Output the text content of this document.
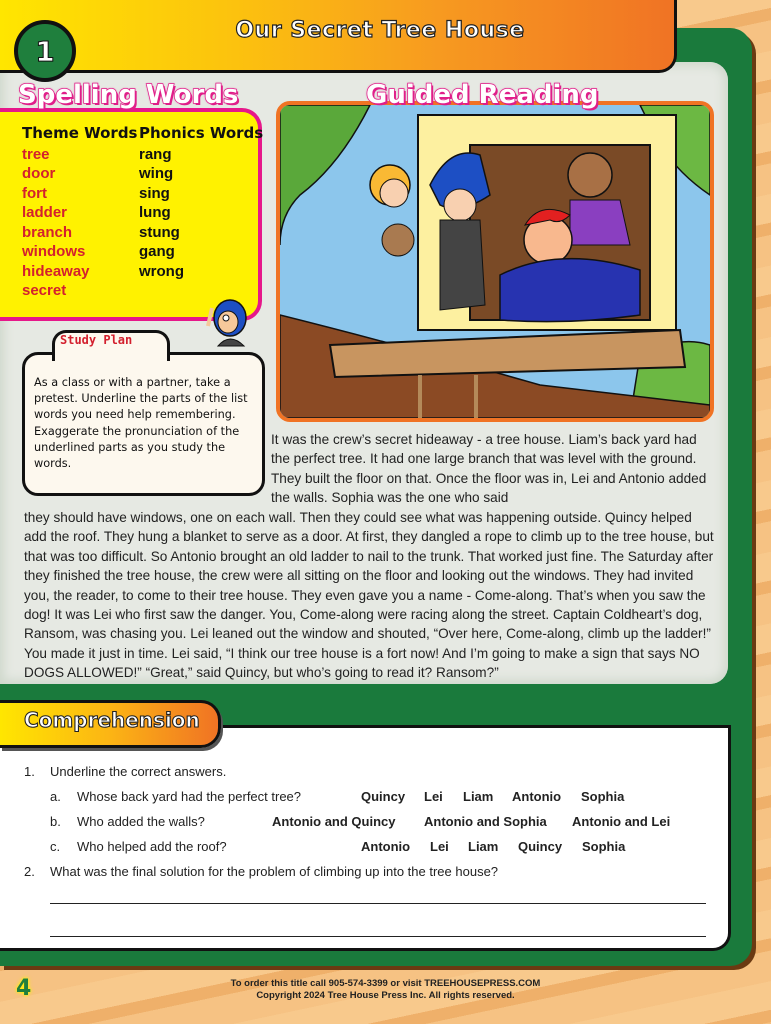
Our Secret Tree House
1
Theme Words
tree
door
fort
ladder
branch
windows
hideaway
secret
Phonics Words
rang
wing
sing
lung
stung
gang
wrong
Spelling Words
Study Plan
As a class or with a partner, take a pretest. Underline the parts of the list words you need help remembering. Exaggerate the pronunciation of the underlined parts as you study the words.
Guided Reading
It was the crew’s secret hideaway - a tree house. Liam’s back yard had the perfect tree. It had one large branch that was level with the ground. They built the floor on that. Once the floor was in, Lei and Antonio added the walls. Sophia was the one who said
they should have windows, one on each wall. Then they could see what was happening outside. Quincy helped add the roof. They hung a blanket to serve as a door. At first, they dangled a rope to climb up to the tree house, but that was too difficult. So Antonio brought an old ladder to nail to the trunk. That worked just fine. The Saturday after they finished the tree house, the crew were all sitting on the floor and looking out the windows. They had invited you, the reader, to come to their tree house. They even gave you a name - Come-along. That’s when you saw the dog! It was Lei who first saw the danger. You, Come-along were racing along the street. Captain Coldheart’s dog, Ransom, was chasing you. Lei leaned out the window and shouted, “Over here, Come-along, climb up the ladder!” You made it just in time. Lei said, “I think our tree house is a fort now! And I’m going to make a sign that says NO DOGS ALLOWED!” “Great,” said Quincy, but who’s going to read it? Ransom?”
Comprehension
1. Underline the correct answers.
a. Whose back yard had the perfect tree?	Quincy Lei Liam Antonio Sophia
b. Who added the walls?	Antonio and Quincy Antonio and Sophia Antonio and Lei
c. Who helped add the roof?	Antonio Lei Liam Quincy Sophia
2. What was the final solution for the problem of climbing up into the tree house?
4	To order this title call 905-574-3399 or visit TREEHOUSEPRESS.COM
Copyright 2024 Tree House Press Inc. All rights reserved.
